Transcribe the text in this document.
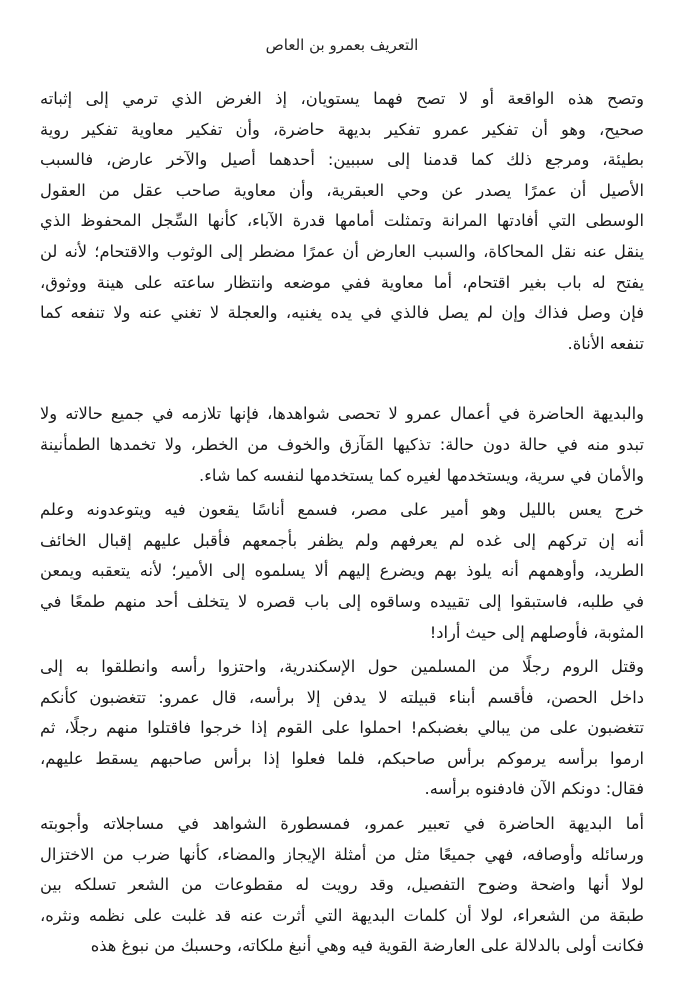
التعريف بعمرو بن العاص
وتصح هذه الواقعة أو لا تصح فهما يستويان، إذ الغرض الذي ترمي إلى إثباته
صحيح، وهو أن تفكير عمرو تفكير بديهة حاضرة، وأن تفكير معاوية تفكير روية
بطيئة، ومرجع ذلك كما قدمنا إلى سببين: أحدهما أصيل والآخر عارض، فالسبب
الأصيل أن عمرًا يصدر عن وحي العبقرية، وأن معاوية صاحب عقل من العقول
الوسطى التي أفادتها المرانة وتمثلت أمامها قدرة الآباء، كأنها السِّجل المحفوظ الذي
ينقل عنه نقل المحاكاة، والسبب العارض أن عمرًا مضطر إلى الوثوب والاقتحام؛ لأنه لن
يفتح له باب بغير اقتحام، أما معاوية ففي موضعه وانتظار ساعته على هينة ووثوق،
فإن وصل فذاك وإن لم يصل فالذي في يده يغنيه، والعجلة لا تغني عنه ولا تنفعه كما
تنفعه الأناة.
والبديهة الحاضرة في أعمال عمرو لا تحصى شواهدها، فإنها تلازمه في جميع حالاته ولا
تبدو منه في حالة دون حالة: تذكيها المَآزق والخوف من الخطر، ولا تخمدها الطمأنينة
والأمان في سرية، ويستخدمها لغيره كما يستخدمها لنفسه كما شاء.
خرج يعس بالليل وهو أمير على مصر، فسمع أناسًا يقعون فيه ويتوعدونه وعلم
أنه إن تركهم إلى غده لم يعرفهم ولم يظفر بأجمعهم فأقبل عليهم إقبال الخائف
الطريد، وأوهمهم أنه يلوذ بهم ويضرع إليهم ألا يسلموه إلى الأمير؛ لأنه يتعقبه ويمعن
في طلبه، فاستبقوا إلى تقييده وساقوه إلى باب قصره لا يتخلف أحد منهم طمعًا في
المثوبة، فأوصلهم إلى حيث أراد!
وقتل الروم رجلًا من المسلمين حول الإسكندرية، واحتزوا رأسه وانطلقوا به إلى
داخل الحصن، فأقسم أبناء قبيلته لا يدفن إلا برأسه، قال عمرو: تتغضبون كأنكم
تتغضبون على من يبالي بغضبكم! احملوا على القوم إذا خرجوا فاقتلوا منهم رجلًا، ثم
ارموا برأسه يرموكم برأس صاحبكم، فلما فعلوا إذا برأس صاحبهم يسقط عليهم،
فقال: دونكم الآن فادفنوه برأسه.
أما البديهة الحاضرة في تعبير عمرو، فمسطورة الشواهد في مساجلاته وأجوبته
ورسائله وأوصافه، فهي جميعًا مثل من أمثلة الإيجاز والمضاء، كأنها ضرب من الاختزال
لولا أنها واضحة وضوح التفصيل، وقد رويت له مقطوعات من الشعر تسلكه بين
طبقة من الشعراء، لولا أن كلمات البديهة التي أثرت عنه قد غلبت على نظمه ونثره،
فكانت أولى بالدلالة على العارضة القوية فيه وهي أنبغ ملكاته، وحسبك من نبوغ هذه
